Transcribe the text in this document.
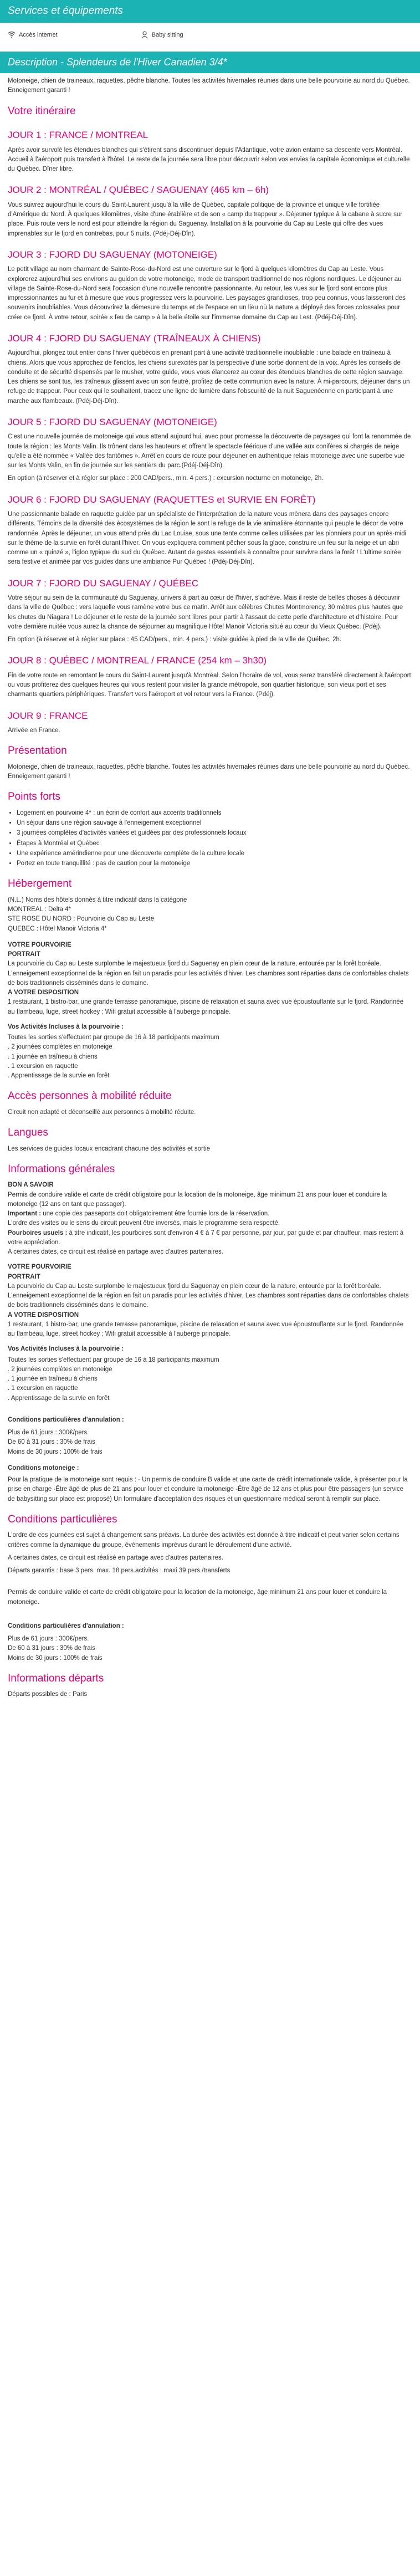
Services et équipements
Accès internet	Baby sitting
Description - Splendeurs de l'Hiver Canadien 3/4*

Motoneige, chien de traineaux, raquettes, pêche blanche. Toutes les activités hivernales réunies dans une belle pourvoirie au nord du Québec. Enneigement garanti !

Votre itinéraire
JOUR 1 : FRANCE / MONTREAL

Après avoir survolé les étendues blanches qui s'étirent sans discontinuer depuis l'Atlantique, votre avion entame sa descente vers Montréal. Accueil à l'aéroport puis transfert à l'hôtel. Le reste de la journée sera libre pour découvrir selon vos envies la capitale économique et culturelle du Québec. Dîner libre.

JOUR 2 : MONTRÉAL / QUÉBEC / SAGUENAY (465 km – 6h)

Vous suivrez aujourd'hui le cours du Saint-Laurent jusqu'à la ville de Québec, capitale politique de la province et unique ville fortifiée d'Amérique du Nord. À quelques kilomètres, visite d'une érablière et de son « camp du trappeur ». Déjeuner typique à la cabane à sucre sur place. Puis route vers le nord est pour atteindre la région du Saguenay. Installation à la pourvoirie du Cap au Leste qui offre des vues imprenables sur le fjord en contrebas, pour 5 nuits. (Pdéj-Déj-Dîn).

JOUR 3 : FJORD DU SAGUENAY (MOTONEIGE)

Le petit village au nom charmant de Sainte-Rose-du-Nord est une ouverture sur le fjord à quelques kilomètres du Cap au Leste. Vous explorerez aujourd'hui ses environs au guidon de votre motoneige, mode de transport traditionnel de nos régions nordiques. Le déjeuner au village de Sainte-Rose-du-Nord sera l'occasion d'une nouvelle rencontre passionnante. Au retour, les vues sur le fjord sont encore plus impressionnantes au fur et à mesure que vous progressez vers la pourvoirie. Les paysages grandioses, trop peu connus, vous laisseront des souvenirs inoubliables. Vous découvrirez la démesure du temps et de l'espace en un lieu où la nature a déployé des forces colossales pour créer ce fjord. À votre retour, soirée « feu de camp » à la belle étoile sur l'immense domaine du Cap au Lest. (Pdéj-Déj-Dîn).

JOUR 4 : FJORD DU SAGUENAY (TRAÎNEAUX À CHIENS)

Aujourd'hui, plongez tout entier dans l'hiver québécois en prenant part à une activité traditionnelle inoubliable : une balade en traîneau à chiens. Alors que vous approchez de l'enclos, les chiens surexcités par la perspective d'une sortie donnent de la voix. Après les conseils de conduite et de sécurité dispensés par le musher, votre guide, vous vous élancerez au cœur des étendues blanches de cette région sauvage. Les chiens se sont tus, les traîneaux glissent avec un son feutré, profitez de cette communion avec la nature. À mi-parcours, déjeuner dans un refuge de trappeur. Pour ceux qui le souhaitent, tracez une ligne de lumière dans l'obscurité de la nuit Saguenéenne en participant à une marche aux flambeaux. (Pdéj-Déj-Dîn).

JOUR 5 : FJORD DU SAGUENAY (MOTONEIGE)

C'est une nouvelle journée de motoneige qui vous attend aujourd'hui, avec pour promesse la découverte de paysages qui font la renommée de toute la région : les Monts Valin. Ils trônent dans les hauteurs et offrent le spectacle féérique d'une vallée aux conifères si chargés de neige qu'elle a été nommée « Vallée des fantômes ». Arrêt en cours de route pour déjeuner en authentique relais motoneige avec une superbe vue sur les Monts Valin, en fin de journée sur les sentiers du parc.(Pdéj-Déj-Dîn).

En option (à réserver et à régler sur place : 200 CAD/pers., min. 4 pers.) : excursion nocturne en motoneige, 2h.

JOUR 6 : FJORD DU SAGUENAY (RAQUETTES et SURVIE EN FORÊT)

Une passionnante balade en raquette guidée par un spécialiste de l'interprétation de la nature vous mènera dans des paysages encore différents. Témoins de la diversité des écosystèmes de la région le sont la refuge de la vie animalière étonnante qui peuple le décor de votre randonnée. Après le déjeuner, un vous attend près du Lac Louise, sous une tente comme celles utilisées par les pionniers pour un après-midi sur le thème de la survie en forêt durant l'hiver. On vous expliquera comment pêcher sous la glace, construire un feu sur la neige et un abri comme un « quinzé », l'igloo typique du sud du Québec. Autant de gestes essentiels à connaître pour survivre dans la forêt ! L'ultime soirée sera festive et animée par vos guides dans une ambiance Pur Québec ! (Pdéj-Déj-Dîn).

JOUR 7 : FJORD DU SAGUENAY / QUÉBEC

Votre séjour au sein de la communauté du Saguenay, univers à part au cœur de l'hiver, s'achève. Mais il reste de belles choses à découvrir dans la ville de Québec : vers laquelle vous ramène votre bus ce matin. Arrêt aux célèbres Chutes Montmorency, 30 mètres plus hautes que les chutes du Niagara ! Le déjeuner et le reste de la journée sont libres pour partir à l'assaut de cette perle d'architecture et d'histoire. Pour votre dernière nuitée vous aurez la chance de séjourner au magnifique Hôtel Manoir Victoria situé au cœur du Vieux Québec. (Pdéj).

En option (à réserver et à régler sur place : 45 CAD/pers., min. 4 pers.) : visite guidée à pied de la ville de Québec, 2h.

JOUR 8 : QUÉBEC / MONTREAL / FRANCE (254 km – 3h30)

Fin de votre route en remontant le cours du Saint-Laurent jusqu'à Montréal. Selon l'horaire de vol, vous serez transféré directement à l'aéroport ou vous profiterez des quelques heures qui vous restent pour visiter la grande métropole, son quartier historique, son vieux port et ses charmants quartiers périphériques. Transfert vers l'aéroport et vol retour vers la France. (Pdéj).

JOUR 9 : FRANCE

Arrivée en France.

Présentation

Motoneige, chien de traineaux, raquettes, pêche blanche. Toutes les activités hivernales réunies dans une belle pourvoirie au nord du Québec. Enneigement garanti !

Points forts
• Logement en pourvoirie 4* : un écrin de confort aux accents traditionnels
• Un séjour dans une région sauvage à l'enneigement exceptionnel
• 3 journées complètes d'activités variées et guidées par des professionnels locaux
• Étapes à Montréal et Québec
• Une expérience amérindienne pour une découverte complète de la culture locale
• Portez en toute tranquillité : pas de caution pour la motoneige
Hébergement
(N.L.) Noms des hôtels donnés à titre indicatif dans la catégorie
MONTREAL : Delta 4*
STE ROSE DU NORD : Pourvoirie du Cap au Leste
QUEBEC : Hôtel Manoir Victoria 4*
VOTRE POURVOIRIE
PORTRAIT
La pourvoirie du Cap au Leste surplombe le majestueux fjord du Saguenay en plein cœur de la nature, entourée par la forêt boréale. L'enneigement exceptionnel de la région en fait un paradis pour les activités d'hiver. Les chambres sont réparties dans de confortables chalets de bois traditionnels disséminés dans le domaine.
A VOTRE DISPOSITION
1 restaurant, 1 bistro-bar, une grande terrasse panoramique, piscine de relaxation et sauna avec vue époustouflante sur le fjord. Randonnée au flambeau, luge, street hockey ; Wifi gratuit accessible à l'auberge principale.
Vos Activités Incluses à la pourvoirie :
Toutes les sorties s'effectuent par groupe de 16 à 18 participants maximum
. 2 journées complètes en motoneige
. 1 journée en traîneau à chiens
. 1 excursion en raquette
. Apprentissage de la survie en forêt
Accès personnes à mobilité réduite

Circuit non adapté et déconseillé aux personnes à mobilité réduite.

Langues

Les services de guides locaux encadrant chacune des activités et sortie

Informations générales
BON A SAVOIR
Permis de conduire valide et carte de crédit obligatoire pour la location de la motoneige, âge minimum 21 ans pour louer et conduire la motoneige (12 ans en tant que passager).
Important : une copie des passeports doit obligatoirement être fournie lors de la réservation.
L'ordre des visites ou le sens du circuit peuvent être inversés, mais le programme sera respecté.
Pourboires usuels : à titre indicatif, les pourboires sont d'environ 4 € à 7 € par personne, par jour, par guide et par chauffeur, mais restent à votre appréciation.
A certaines dates, ce circuit est réalisé en partage avec d'autres partenaires.
VOTRE POURVOIRIE
PORTRAIT
La pourvoirie du Cap au Leste surplombe le majestueux fjord du Saguenay en plein cœur de la nature, entourée par la forêt boréale. L'enneigement exceptionnel de la région en fait un paradis pour les activités d'hiver. Les chambres sont réparties dans de confortables chalets de bois traditionnels disséminés dans le domaine.
A VOTRE DISPOSITION
1 restaurant, 1 bistro-bar, une grande terrasse panoramique, piscine de relaxation et sauna avec vue époustouflante sur le fjord. Randonnée au flambeau, luge, street hockey ; Wifi gratuit accessible à l'auberge principale.
Vos Activités Incluses à la pourvoirie :
Toutes les sorties s'effectuent par groupe de 16 à 18 participants maximum
. 2 journées complètes en motoneige
. 1 journée en traîneau à chiens
. 1 excursion en raquette
. Apprentissage de la survie en forêt
Conditions particulières d'annulation :
Plus de 61 jours : 300€/pers.
De 60 à 31 jours : 30% de frais
Moins de 30 jours : 100% de frais
Conditions motoneige :
Pour la pratique de la motoneige sont requis : - Un permis de conduire B valide et une carte de crédit internationale valide, à présenter pour la prise en charge -Être âgé de plus de 21 ans pour louer et conduire la motoneige -Être âgé de 12 ans et plus pour être passagers (un service de babysitting sur place est proposé) Un formulaire d'acceptation des risques et un questionnaire médical seront à remplir sur place.
Conditions particulières

L'ordre de ces journées est sujet à changement sans préavis. La durée des activités est donnée à titre indicatif et peut varier selon certains critères comme la dynamique du groupe, événements imprévus durant le déroulement d'une activité.

A certaines dates, ce circuit est réalisé en partage avec d'autres partenaires.

Départs garantis : base 3 pers. max. 18 pers.activités : maxi 39 pers./transferts

Permis de conduire valide et carte de crédit obligatoire pour la location de la motoneige, âge minimum 21 ans pour louer et conduire la motoneige.

Conditions particulières d'annulation :
Plus de 61 jours : 300€/pers.
De 60 à 31 jours : 30% de frais
Moins de 30 jours : 100% de frais
Informations départs

Départs possibles de : Paris
